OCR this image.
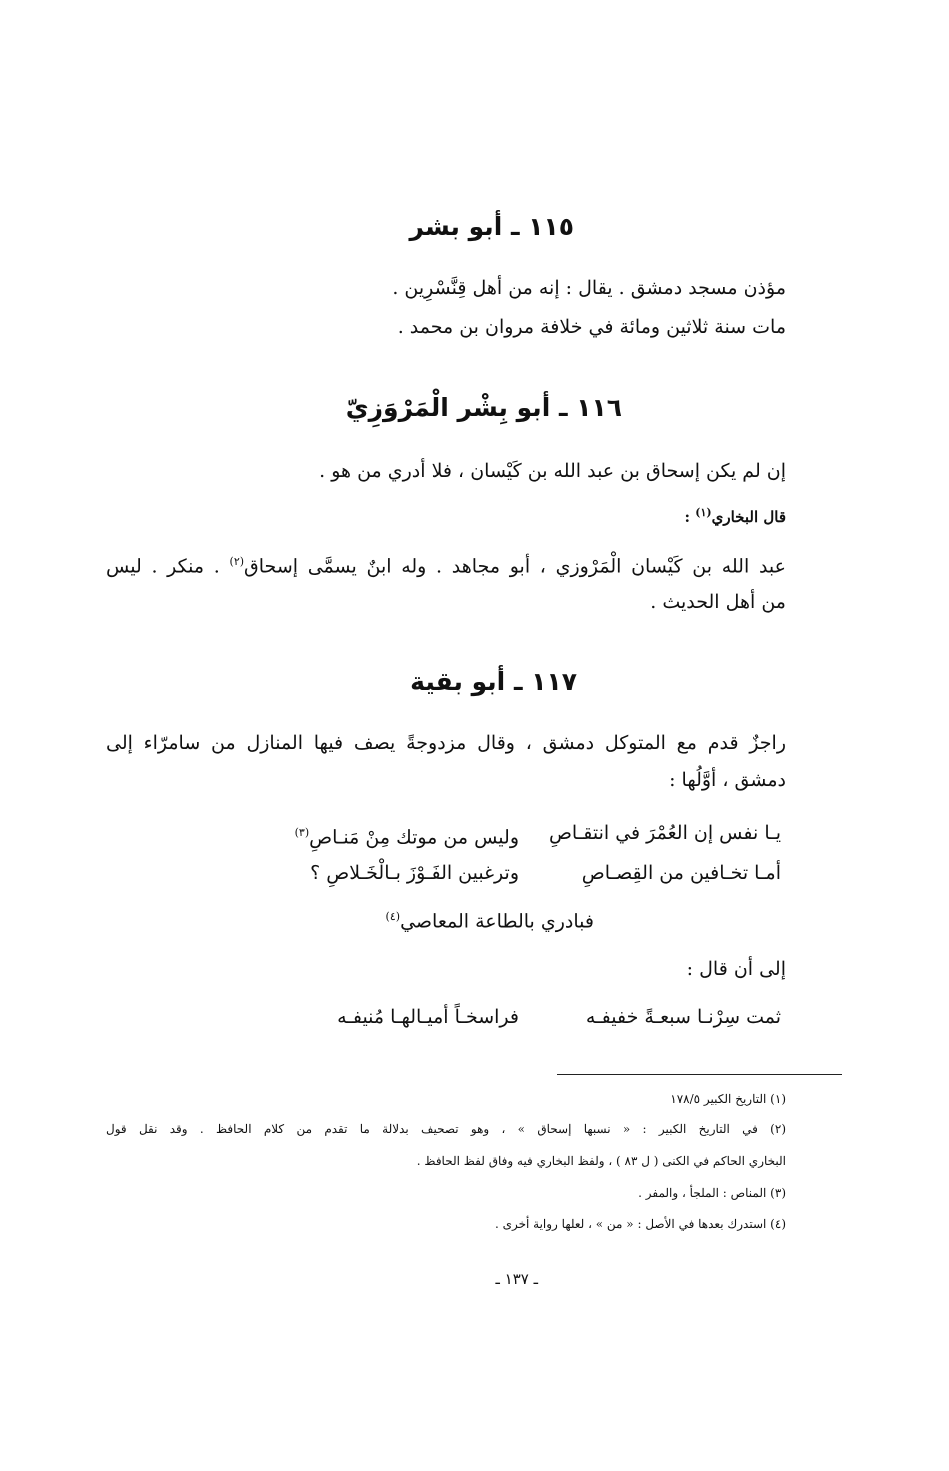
١١٥ ـ أبو بشر
مؤذن مسجد دمشق . يقال : إنه من أهل قِنَّسْرِين .
مات سنة ثلاثين ومائة في خلافة مروان بن محمد .
١١٦ ـ أبو بِشْر الْمَرْوَزِيّ
إن لم يكن إسحاق بن عبد الله بن كَيْسان ، فلا أدري من هو .
قال البخاري$^{(١)}$ :
عبد الله بن كَيْسان الْمَرْوزي ، أبو مجاهد . وله ابنٌ يسمَّى إسحاق$^{(٢)}$ . منكر . ليس
من أهل الحديث .
١١٧ ـ أبو بقية
راجزٌ قدم مع المتوكل دمشق ، وقال مزدوجةً يصف فيها المنازل من سامرّاء إلى
دمشق ، أوَّلُها :
يـا نفس إن العُمْرَ في انتقـاصِ
وليس من موتك مِنْ مَنـاصِ$^{(٣)}$
أمـا تخـافين من القِصـاصِ
وترغبين الفَـوْزَ بـالْخَـلاصِ ؟
فبادري بالطاعة المعاصي$^{(٤)}$
إلى أن قال :
ثمت سِرْنـا سبعـةً خفيفـه
فراسخـاً أميـالهـا مُنيفـه
(١) التاريخ الكبير ١٧٨/٥
(٢) في التاريخ الكبير : « نسبها إسحاق » ، وهو تصحيف بدلالة ما تقدم من كلام الحافظ . وقد نقل قول
البخاري الحاكم في الكنى ( ل ٨٣ ) ، ولفظ البخاري فيه وفاق لفظ الحافظ .
(٣) المناص : الملجأ ، والمفر .
(٤) استدرك بعدها في الأصل : « من » ، لعلها رواية أخرى .
ـ ١٣٧ ـ
